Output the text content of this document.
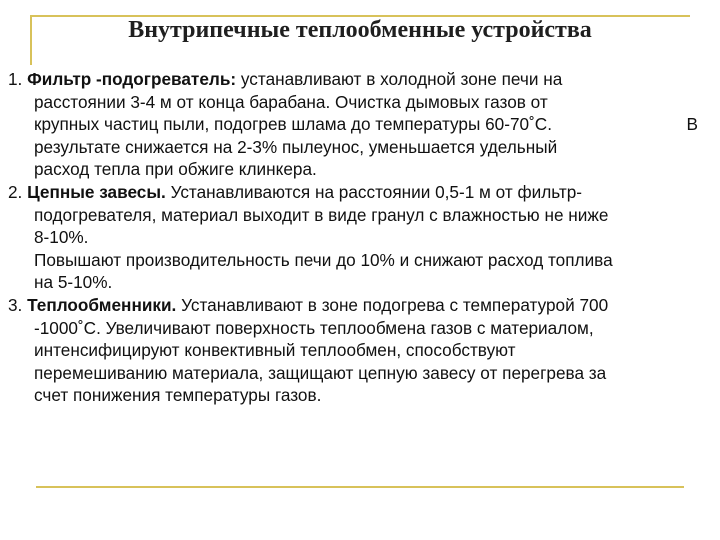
Внутрипечные теплообменные устройства
1. Фильтр -подогреватель: устанавливают в холодной зоне печи на
расстоянии 3-4 м от конца барабана. Очистка дымовых газов от
крупных частиц пыли, подогрев шлама до температуры 60-70˚С.	В
результате снижается на 2-3% пылеунос, уменьшается удельный
расход тепла при обжиге клинкера.
2. Цепные завесы. Устанавливаются на расстоянии 0,5-1 м от фильтр-
подогревателя, материал выходит в виде гранул с влажностью не ниже
8-10%.
Повышают производительность печи до 10% и снижают расход топлива
на 5-10%.
3. Теплообменники. Устанавливают в зоне подогрева с температурой 700
-1000˚С. Увеличивают поверхность теплообмена газов с материалом,
интенсифицируют конвективный теплообмен, способствуют
перемешиванию материала, защищают цепную завесу от перегрева за
счет понижения температуры газов.
